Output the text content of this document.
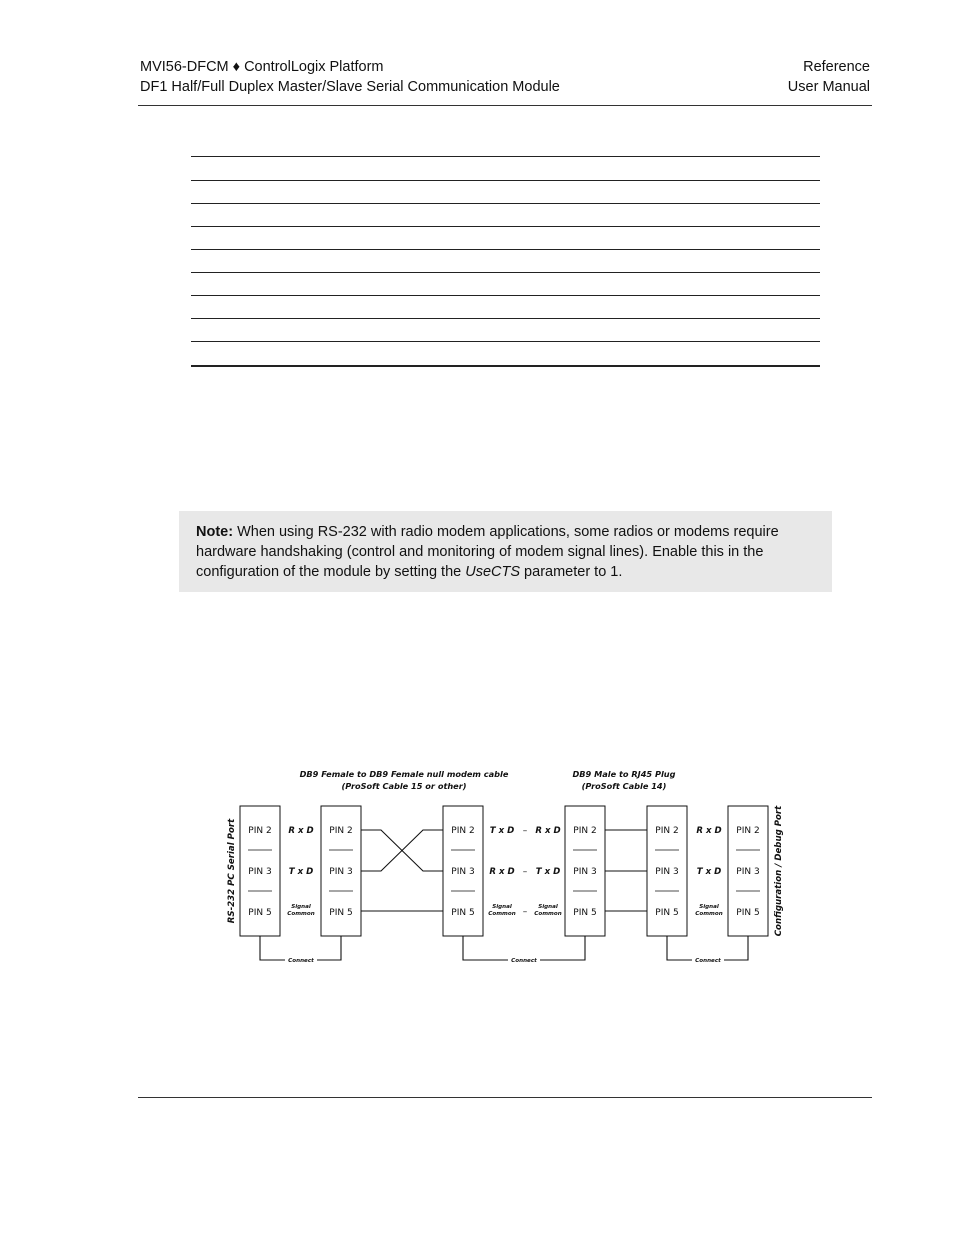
MVI56-DFCM ♦ ControlLogix Platform
DF1 Half/Full Duplex Master/Slave Serial Communication Module
Reference
User Manual
Note: When using RS-232 with radio modem applications, some radios or modems require hardware handshaking (control and monitoring of modem signal lines). Enable this in the configuration of the module by setting the UseCTS parameter to 1.
DB9 Female to DB9 Female null modem cable
(ProSoft Cable 15 or other)
DB9 Male to RJ45 Plug
(ProSoft Cable 14)
RS-232 PC Serial Port	Configuration / Debug Port
PIN 2
PIN 3
PIN 5
PIN 2
PIN 3
PIN 5
PIN 2
PIN 3
PIN 5
PIN 2
PIN 3
PIN 5
PIN 2
PIN 3
PIN 5
PIN 2
PIN 3
PIN 5
R x D
T x D
T x D
R x D
R x D
T x D
R x D
T x D
–
–
–
Signal
Common
Signal
Common
Signal
Common
Signal
Common
Connect	Connect	Connect
